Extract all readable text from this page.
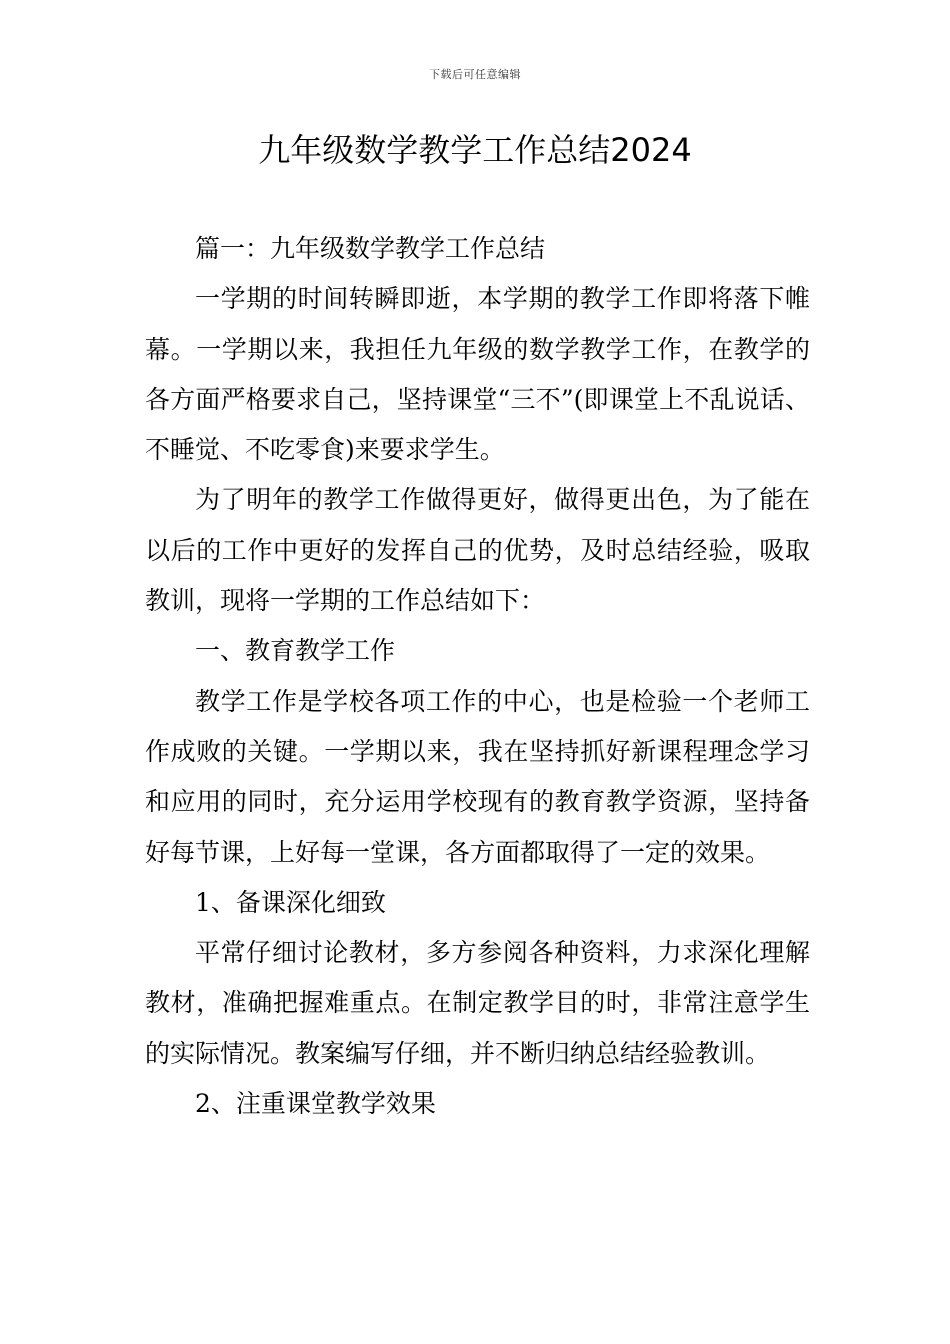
下载后可任意编辑
九年级数学教学工作总结2024

篇一：九年级数学教学工作总结

一学期的时间转瞬即逝，本学期的教学工作即将落下帷幕。一学期以来，我担任九年级的数学教学工作，在教学的各方面严格要求自己，坚持课堂“三不”(即课堂上不乱说话、不睡觉、不吃零食)来要求学生。

为了明年的教学工作做得更好，做得更出色，为了能在以后的工作中更好的发挥自己的优势，及时总结经验，吸取教训，现将一学期的工作总结如下：

一、教育教学工作

教学工作是学校各项工作的中心，也是检验一个老师工作成败的关键。一学期以来，我在坚持抓好新课程理念学习和应用的同时，充分运用学校现有的教育教学资源，坚持备好每节课，上好每一堂课，各方面都取得了一定的效果。

1、备课深化细致

平常仔细讨论教材，多方参阅各种资料，力求深化理解教材，准确把握难重点。在制定教学目的时，非常注意学生的实际情况。教案编写仔细，并不断归纳总结经验教训。

2、注重课堂教学效果
